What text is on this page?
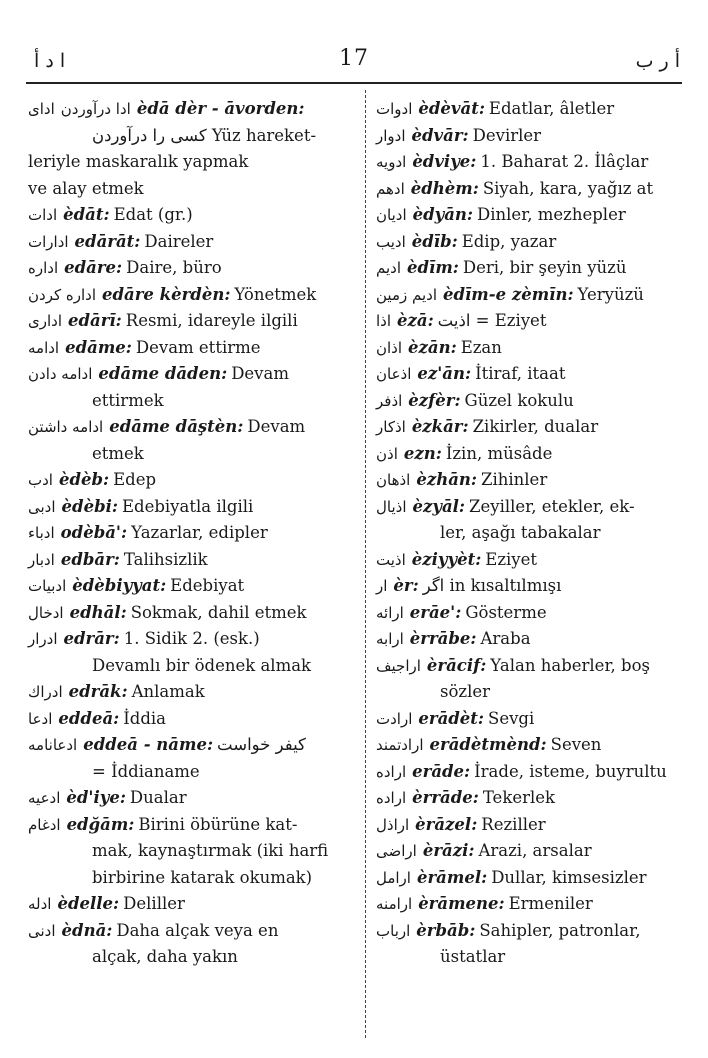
ا د أ	17	أ ر ب
اداى ادا درآوردن èdā dèr - āvorden:
کسی را درآوردن Yüz hareket-
leriyle maskaralık yapmak
ve alay etmek
ادات èdāt: Edat (gr.)
ادارات edārāt: Daireler
اداره edāre: Daire, büro
اداره كردن edāre kèrdèn: Yönetmek
ادارى edārī: Resmi, idareyle ilgili
ادامه edāme: Devam ettirme
ادامه دادن edāme dāden: Devam
ettirmek
ادامه داشتن edāme dāştèn: Devam
etmek
ادب èdèb: Edep
ادبى èdèbi: Edebiyatla ilgili
ادباء odèbā': Yazarlar, edipler
ادبار edbār: Talihsizlik
ادبيات èdèbiyyat: Edebiyat
ادخال edhāl: Sokmak, dahil etmek
ادرار edrār: 1. Sidik 2. (esk.)
Devamlı bir ödenek almak
ادراك edrāk: Anlamak
ادعا eddeā: İddia
ادعانامه eddeā - nāme: كيفر خواست
= İddianame
ادعيه èd'iye: Dualar
ادغام edğām: Birini öbürüne kat-
mak, kaynaştırmak (iki harfi
birbirine katarak okumak)
ادله èdelle: Deliller
ادنى èdnā: Daha alçak veya en
alçak, daha yakın
ادوات èdèvāt: Edatlar, âletler
ادوار èdvār: Devirler
ادويه èdviye: 1. Baharat 2. İlâçlar
ادهم èdhèm: Siyah, kara, yağız at
اديان èdyān: Dinler, mezhepler
اديب èdīb: Edip, yazar
اديم èdīm: Deri, bir şeyin yüzü
اديم زمين èdīm-e zèmīn: Yeryüzü
اذا èzā: اذيت = Eziyet
اذان èzān: Ezan
اذعان ez'ān: İtiraf, itaat
اذفر èzfèr: Güzel kokulu
اذكار èzkār: Zikirler, dualar
اذن ezn: İzin, müsâde
اذهان èzhān: Zihinler
اذيال èzyāl: Zeyiller, etekler, ek-
ler, aşağı tabakalar
اذيت èziyyèt: Eziyet
ار èr: اگر in kısaltılmışı
ارائه erāe': Gösterme
ارابه èrrābe: Araba
اراجيف èrācif: Yalan haberler, boş
sözler
ارادت erādèt: Sevgi
ارادتمند erādètmènd: Seven
اراده erāde: İrade, isteme, buyrultu
اراده èrrāde: Tekerlek
اراذل èrāzel: Reziller
اراضى èrāzi: Arazi, arsalar
ارامل èrāmel: Dullar, kimsesizler
ارامنه èrāmene: Ermeniler
ارباب èrbāb: Sahipler, patronlar,
üstatlar
